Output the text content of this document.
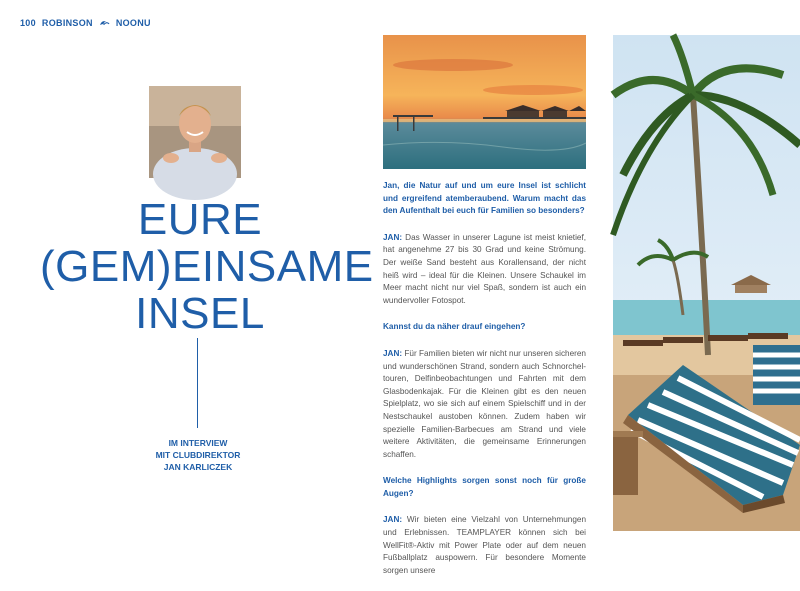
100 ROBINSON	NOONU
EURE
(GEM)EINSAME
INSEL
IM INTERVIEW
MIT CLUBDIREKTOR
JAN KARLICZEK

Jan, die Natur auf und um eure Insel ist schlicht und ergreifend atemberaubend. Warum macht das den Aufenthalt bei euch für Familien so besonders?

JAN: Das Wasser in unserer Lagune ist meist knietief, hat angenehme 27 bis 30 Grad und keine Strömung. Der weiße Sand besteht aus Korallensand, der nicht heiß wird – ideal für die Kleinen. Unsere Schaukel im Meer macht nicht nur viel Spaß, sondern ist auch ein wundervoller Fotospot.

Kannst du da näher drauf eingehen?

JAN: Für Familien bieten wir nicht nur unseren sicheren und wunderschönen Strand, sondern auch Schnorchel-touren, Delfinbeobachtungen und Fahrten mit dem Glasbodenkajak. Für die Kleinen gibt es den neuen Spielplatz, wo sie sich auf einem Spielschiff und in der Nestschaukel austoben können. Zudem haben wir spezielle Familien-Barbecues am Strand und viele weitere Aktivitäten, die gemeinsame Erinnerungen schaffen.

Welche Highlights sorgen sonst noch für große Augen?

JAN: Wir bieten eine Vielzahl von Unternehmungen und Erlebnissen. TEAMPLAYER können sich bei WellFit®-Aktiv mit Power Plate oder auf dem neuen Fußballplatz auspowern. Für besondere Momente sorgen unsere
